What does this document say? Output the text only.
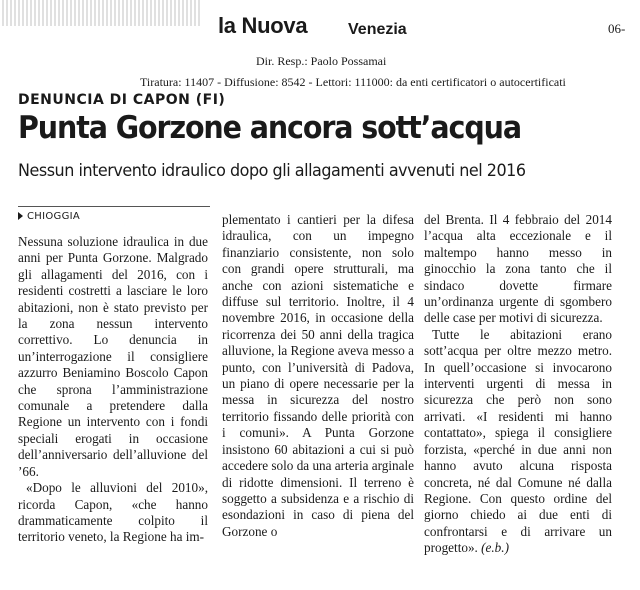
la Nuova	Venezia	06-
Dir. Resp.: Paolo Possamai
Tiratura: 11407 - Diffusione: 8542 - Lettori: 111000: da enti certificatori o autocertificati
DENUNCIA DI CAPON (FI)
Punta Gorzone ancora sott’acqua
Nessun intervento idraulico dopo gli allagamenti avvenuti nel 2016
CHIOGGIA

Nessuna soluzione idraulica in due anni per Punta Gorzone. Malgrado gli allagamenti del 2016, con i residenti costretti a lasciare le loro abitazioni, non è stato previsto per la zona nessun intervento correttivo. Lo denuncia in un’interrogazione il consigliere azzurro Beniamino Boscolo Capon che sprona l’amministrazione comunale a pretendere dalla Regione un intervento con i fondi speciali erogati in occasione dell’anniversario dell’alluvione del ’66.

«Dopo le alluvioni del 2010», ricorda Capon, «che hanno drammaticamente colpito il territorio veneto, la Regione ha im-

plementato i cantieri per la difesa idraulica, con un impegno finanziario consistente, non solo con grandi opere strutturali, ma anche con azioni sistematiche e diffuse sul territorio. Inoltre, il 4 novembre 2016, in occasione della ricorrenza dei 50 anni della tragica alluvione, la Regione aveva messo a punto, con l’università di Padova, un piano di opere necessarie per la messa in sicurezza del nostro territorio fissando delle priorità con i comuni». A Punta Gorzone insistono 60 abitazioni a cui si può accedere solo da una arteria arginale di ridotte dimensioni. Il terreno è soggetto a subsidenza e a rischio di esondazioni in caso di piena del Gorzone o

del Brenta. Il 4 febbraio del 2014 l’acqua alta eccezionale e il maltempo hanno messo in ginocchio la zona tanto che il sindaco dovette firmare un’ordinanza urgente di sgombero delle case per motivi di sicurezza.

Tutte le abitazioni erano sott’acqua per oltre mezzo metro. In quell’occasione si invocarono interventi urgenti di messa in sicurezza che però non sono arrivati. «I residenti mi hanno contattato», spiega il consigliere forzista, «perché in due anni non hanno avuto alcuna risposta concreta, né dal Comune né dalla Regione. Con questo ordine del giorno chiedo ai due enti di confrontarsi e di arrivare un progetto». (e.b.)
